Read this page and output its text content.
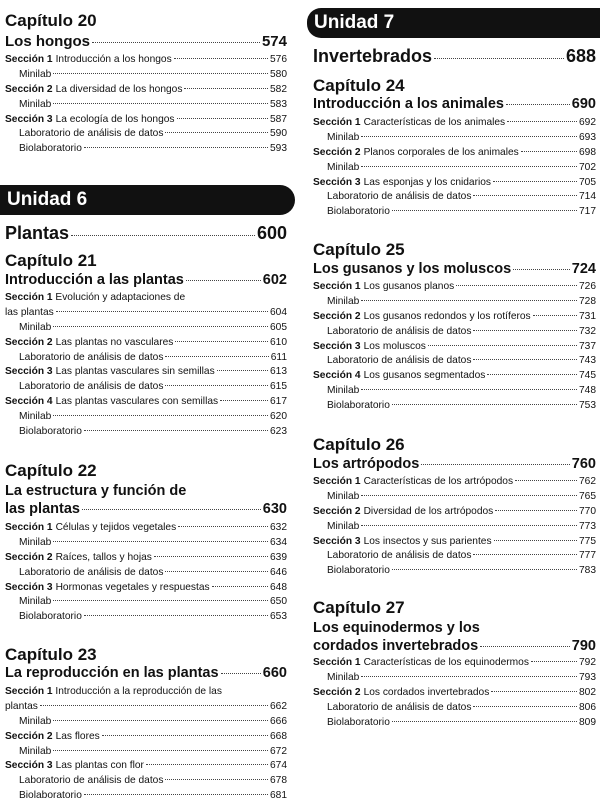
Capítulo 20
Los hongos	574
Sección 1 Introducción a los hongos	576
Minilab	580
Sección 2 La diversidad de los hongos	582
Minilab	583
Sección 3 La ecología de los hongos	587
Laboratorio de análisis de datos	590
Biolaboratorio	593
Unidad 6
Plantas	600
Capítulo 21
Introducción a las plantas	602
Sección 1 Evolución y adaptaciones de
las plantas	604
Minilab	605
Sección 2 Las plantas no vasculares	610
Laboratorio de análisis de datos	611
Sección 3 Las plantas vasculares sin semillas	613
Laboratorio de análisis de datos	615
Sección 4 Las plantas vasculares con semillas	617
Minilab	620
Biolaboratorio	623
Capítulo 22
La estructura y función de
las plantas	630
Sección 1 Células y tejidos vegetales	632
Minilab	634
Sección 2 Raíces, tallos y hojas	639
Laboratorio de análisis de datos	646
Sección 3 Hormonas vegetales y respuestas	648
Minilab	650
Biolaboratorio	653
Capítulo 23
La reproducción en las plantas	660
Sección 1 Introducción a la reproducción de las
plantas	662
Minilab	666
Sección 2 Las flores	668
Minilab	672
Sección 3 Las plantas con flor	674
Laboratorio de análisis de datos	678
Biolaboratorio	681
Unidad 7
Invertebrados	688
Capítulo 24
Introducción a los animales	690
Sección 1 Características de los animales	692
Minilab	693
Sección 2 Planos corporales de los animales	698
Minilab	702
Sección 3 Las esponjas y los cnidarios	705
Laboratorio de análisis de datos	714
Biolaboratorio	717
Capítulo 25
Los gusanos y los moluscos	724
Sección 1 Los gusanos planos	726
Minilab	728
Sección 2 Los gusanos redondos y los rotíferos	731
Laboratorio de análisis de datos	732
Sección 3 Los moluscos	737
Laboratorio de análisis de datos	743
Sección 4 Los gusanos segmentados	745
Minilab	748
Biolaboratorio	753
Capítulo 26
Los artrópodos	760
Sección 1 Características de los artrópodos	762
Minilab	765
Sección 2 Diversidad de los artrópodos	770
Minilab	773
Sección 3 Los insectos y sus parientes	775
Laboratorio de análisis de datos	777
Biolaboratorio	783
Capítulo 27
Los equinodermos y los
cordados invertebrados	790
Sección 1 Características de los equinodermos	792
Minilab	793
Sección 2 Los cordados invertebrados	802
Laboratorio de análisis de datos	806
Biolaboratorio	809
